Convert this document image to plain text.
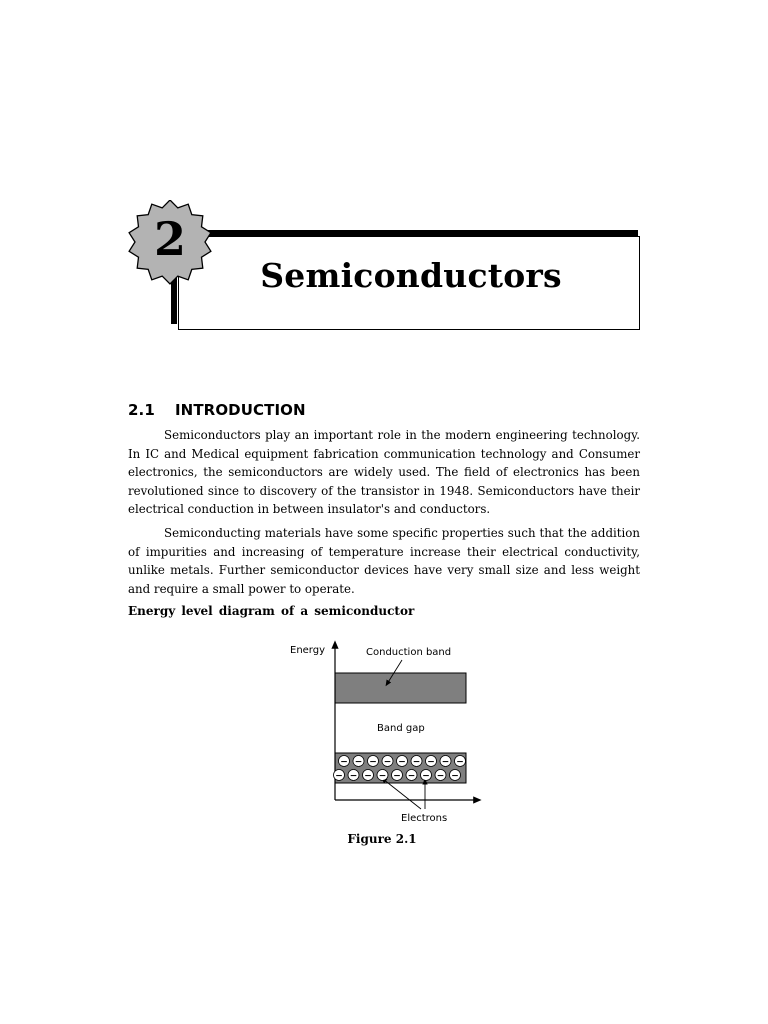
Semiconductors
2
2.1 INTRODUCTION

Semiconductors play an important role in the modern engineering technology. In IC and Medical equipment fabrication communication technology and Consumer electronics, the semiconductors are widely used. The field of electronics has been revolutioned since to discovery of the transistor in 1948. Semiconductors have their electrical conduction in between insulator's and conductors.

Semiconducting materials have some specific properties such that the addition of impurities and increasing of temperature increase their electrical conductivity, unlike metals. Further semiconductor devices have very small size and less weight and require a small power to operate.

Energy level diagram of a semiconductor
Energy	Conduction band
Band gap
Electrons
− − − − − − − − −
− − − − − − − − −
Figure 2.1
